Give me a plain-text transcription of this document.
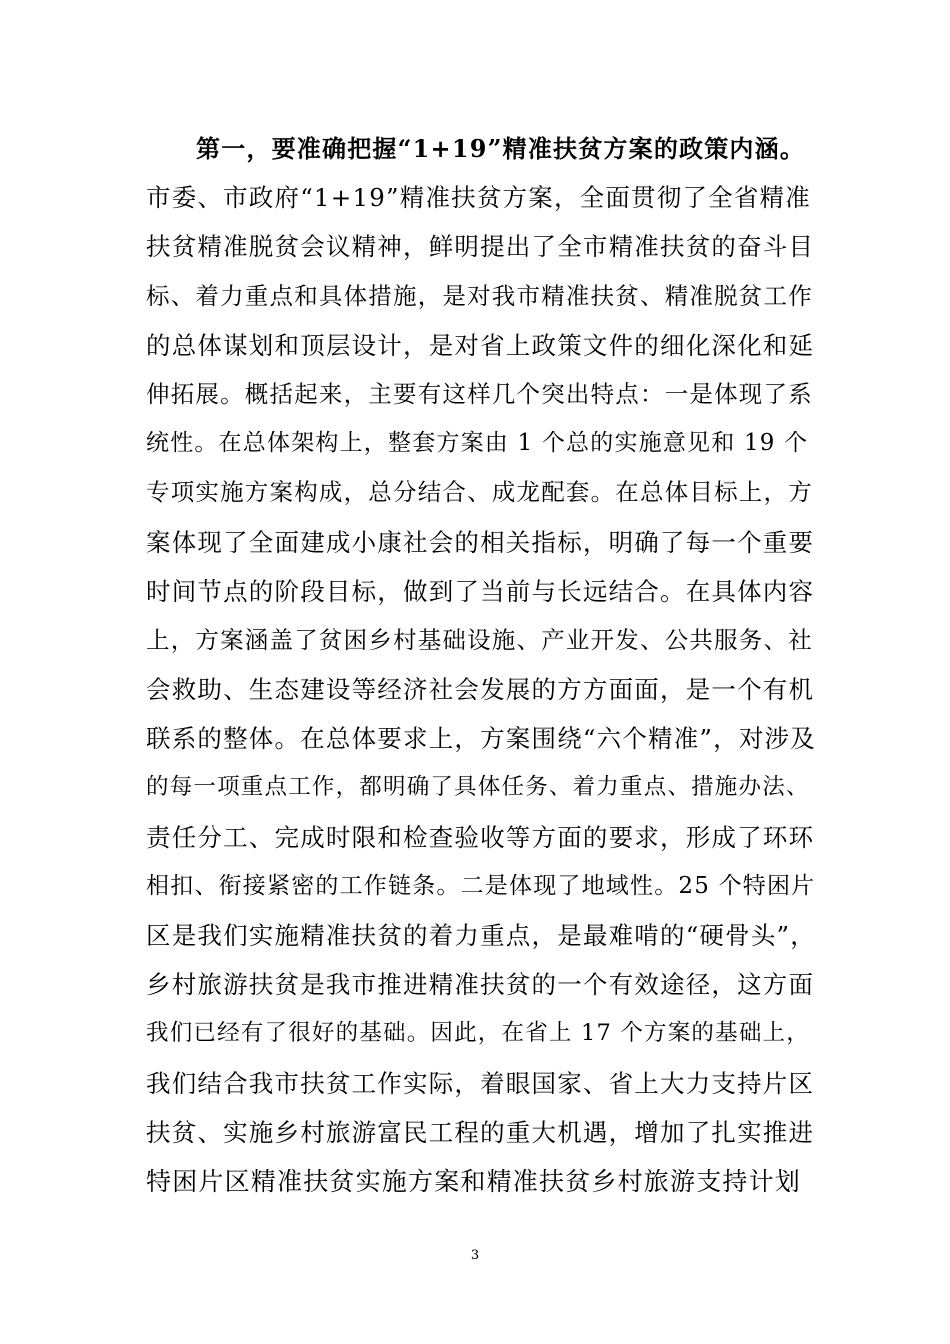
第一，要准确把握“1+19”精准扶贫方案的政策内涵。
市委、市政府“1+19”精准扶贫方案，全面贯彻了全省精准
扶贫精准脱贫会议精神，鲜明提出了全市精准扶贫的奋斗目
标、着力重点和具体措施，是对我市精准扶贫、精准脱贫工作
的总体谋划和顶层设计，是对省上政策文件的细化深化和延
伸拓展。概括起来，主要有这样几个突出特点：一是体现了系
统性。在总体架构上，整套方案由 1 个总的实施意见和 19 个
专项实施方案构成，总分结合、成龙配套。在总体目标上，方
案体现了全面建成小康社会的相关指标，明确了每一个重要
时间节点的阶段目标，做到了当前与长远结合。在具体内容
上，方案涵盖了贫困乡村基础设施、产业开发、公共服务、社
会救助、生态建设等经济社会发展的方方面面，是一个有机
联系的整体。在总体要求上，方案围绕“六个精准”，对涉及
的每一项重点工作，都明确了具体任务、着力重点、措施办法、
责任分工、完成时限和检查验收等方面的要求，形成了环环
相扣、衔接紧密的工作链条。二是体现了地域性。25 个特困片
区是我们实施精准扶贫的着力重点，是最难啃的“硬骨头”，
乡村旅游扶贫是我市推进精准扶贫的一个有效途径，这方面
我们已经有了很好的基础。因此，在省上 17 个方案的基础上，
我们结合我市扶贫工作实际，着眼国家、省上大力支持片区
扶贫、实施乡村旅游富民工程的重大机遇，增加了扎实推进
特困片区精准扶贫实施方案和精准扶贫乡村旅游支持计划
3
